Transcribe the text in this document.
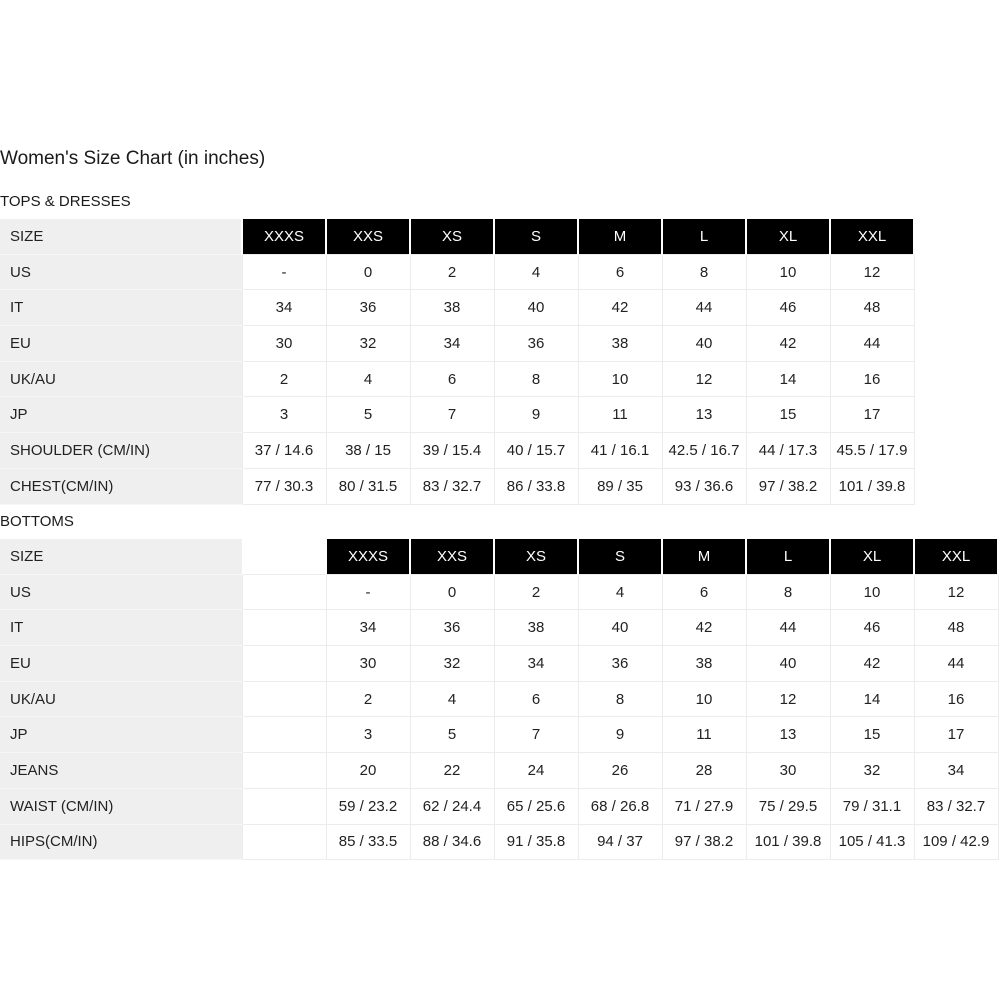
Women's Size Chart (in inches)
TOPS & DRESSES
SIZE	XXXS	XXS	XS	S	M	L	XL	XXL
US	-	0	2	4	6	8	10	12
IT	34	36	38	40	42	44	46	48
EU	30	32	34	36	38	40	42	44
UK/AU	2	4	6	8	10	12	14	16
JP	3	5	7	9	11	13	15	17
SHOULDER (CM/IN)	37 / 14.6	38 / 15	39 / 15.4	40 / 15.7	41 / 16.1	42.5 / 16.7	44 / 17.3	45.5 / 17.9
CHEST(CM/IN)	77 / 30.3	80 / 31.5	83 / 32.7	86 / 33.8	89 / 35	93 / 36.6	97 / 38.2	101 / 39.8
BOTTOMS
SIZE		XXXS	XXS	XS	S	M	L	XL	XXL
US		-	0	2	4	6	8	10	12
IT		34	36	38	40	42	44	46	48
EU		30	32	34	36	38	40	42	44
UK/AU		2	4	6	8	10	12	14	16
JP		3	5	7	9	11	13	15	17
JEANS		20	22	24	26	28	30	32	34
WAIST (CM/IN)		59 / 23.2	62 / 24.4	65 / 25.6	68 / 26.8	71 / 27.9	75 / 29.5	79 / 31.1	83 / 32.7
HIPS(CM/IN)		85 / 33.5	88 / 34.6	91 / 35.8	94 / 37	97 / 38.2	101 / 39.8	105 / 41.3	109 / 42.9
